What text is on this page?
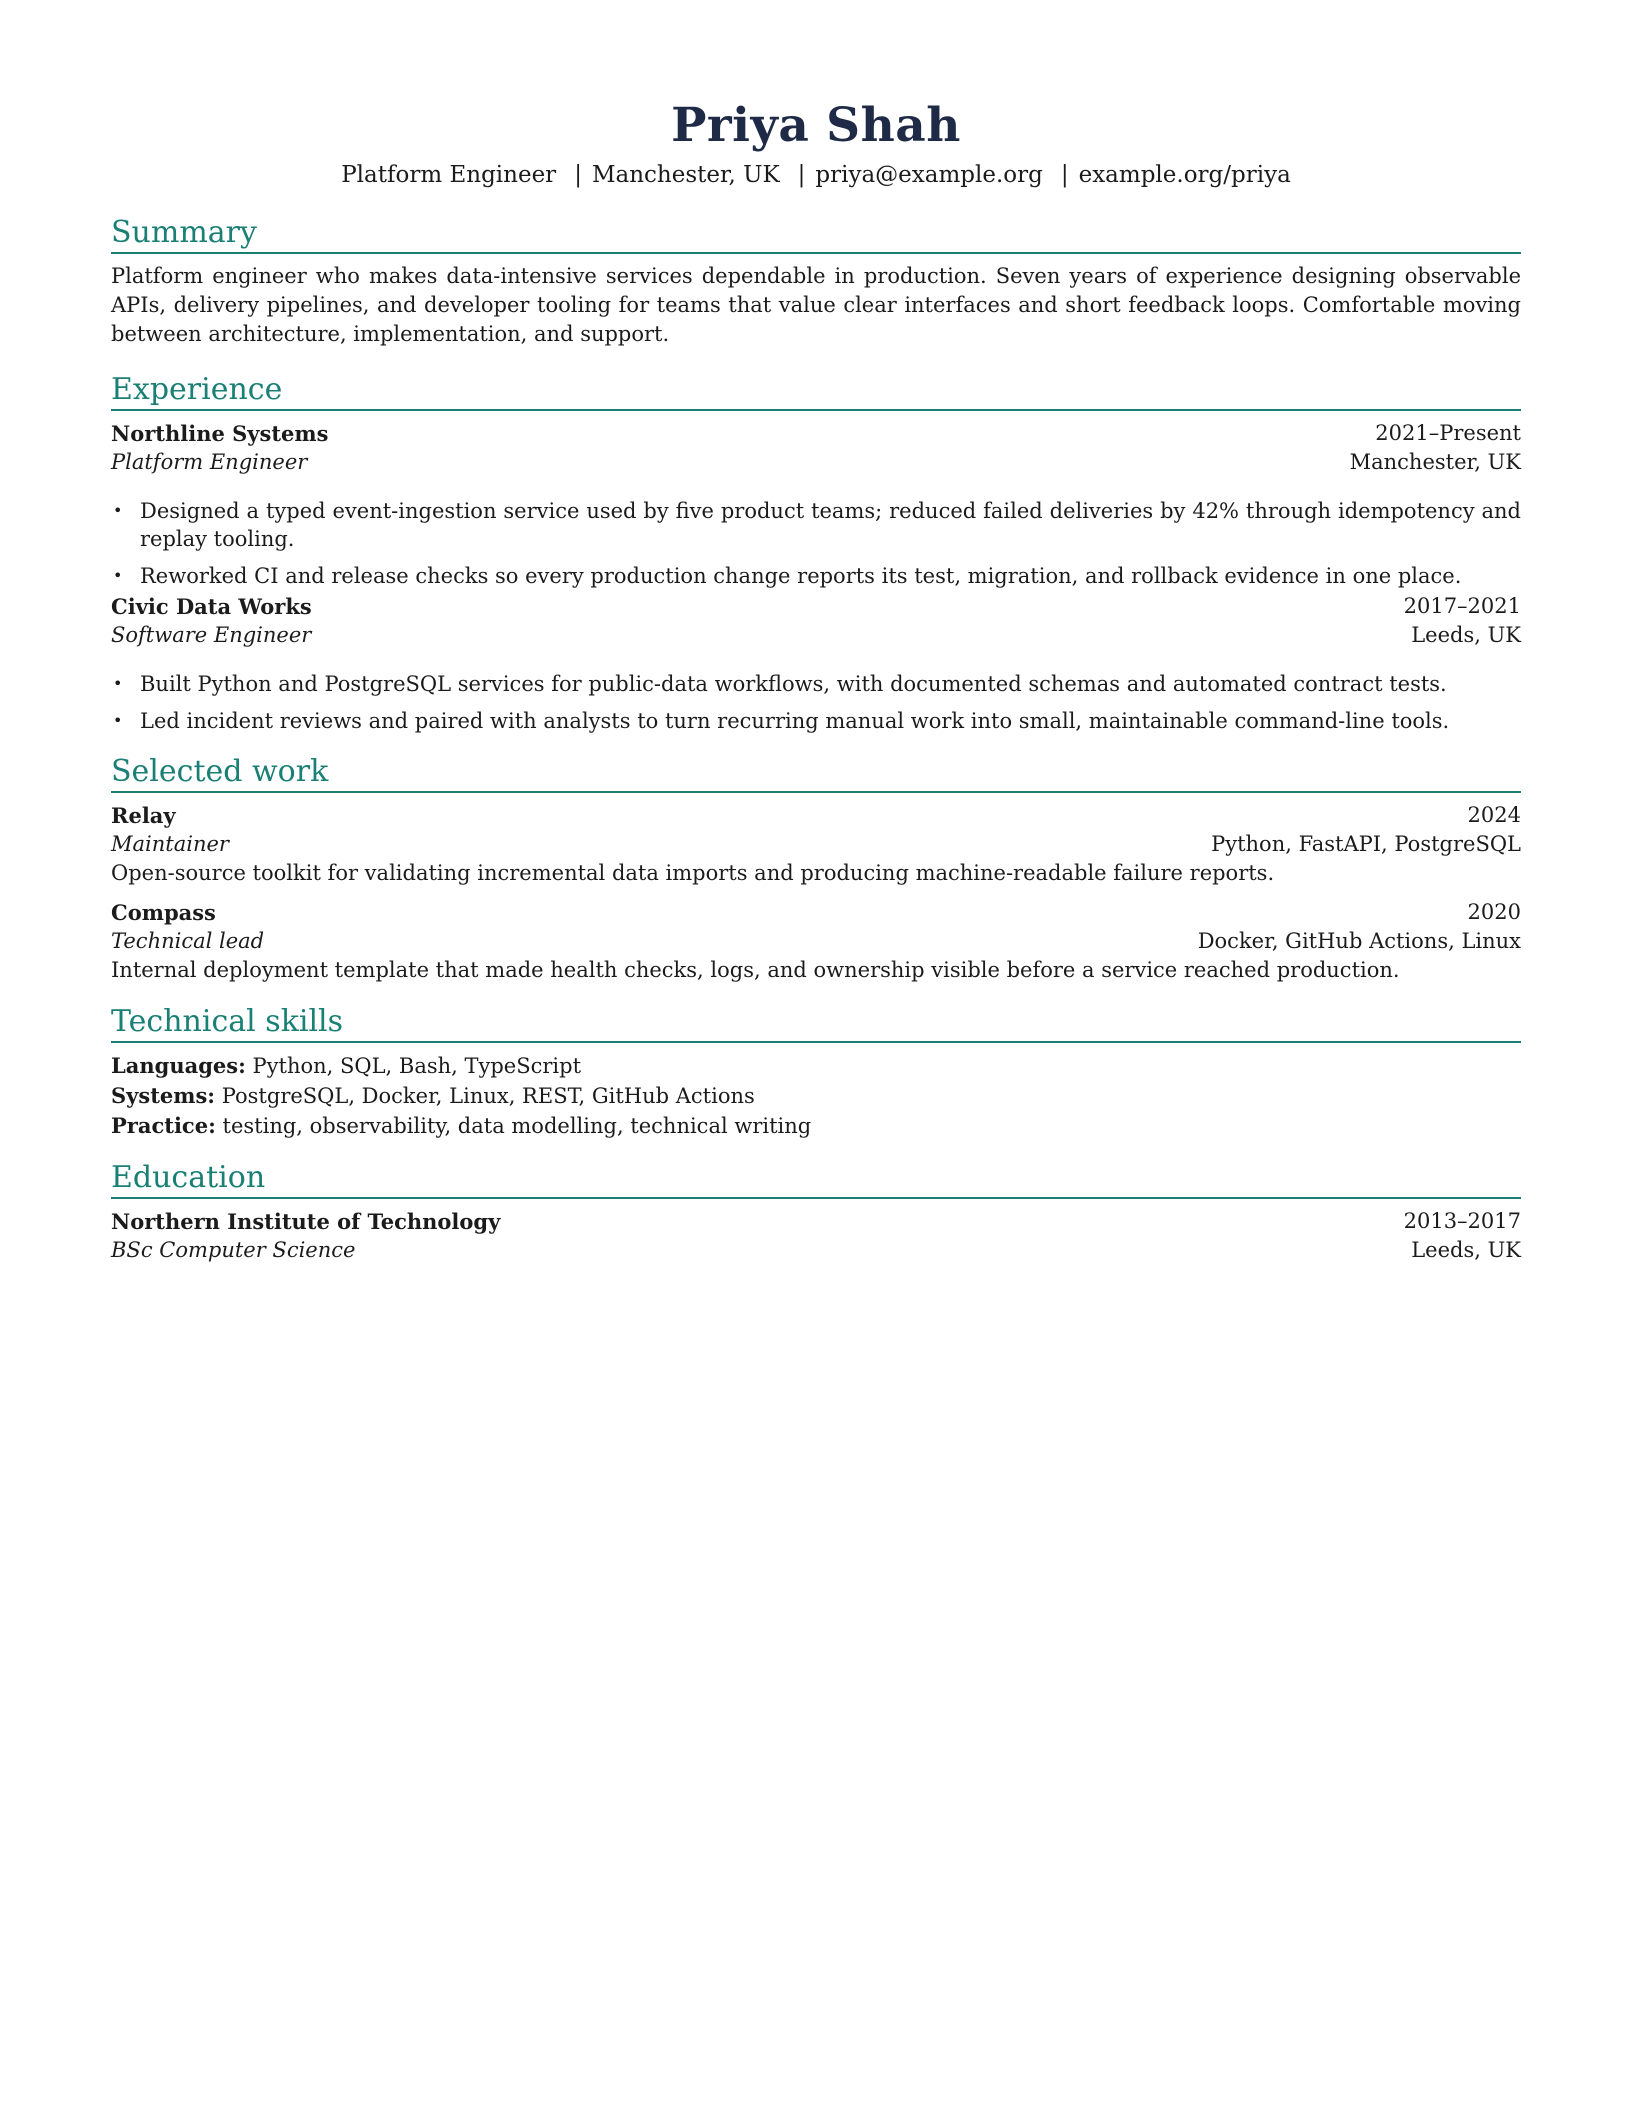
Priya Shah
Platform Engineer | Manchester, UK | priya@example.org | example.org/priya
Summary
Platform engineer who makes data-intensive services dependable in production. Seven years of experience designing observable APIs, delivery pipelines, and developer tooling for teams that value clear interfaces and short feedback loops. Comfortable moving between architecture, implementation, and support.
Experience
Northline Systems	2021–Present
Platform Engineer	Manchester, UK
• Designed a typed event-ingestion service used by five product teams; reduced failed deliveries by 42% through idempotency and replay tooling.
• Reworked CI and release checks so every production change reports its test, migration, and rollback evidence in one place.
Civic Data Works	2017–2021
Software Engineer	Leeds, UK
• Built Python and PostgreSQL services for public-data workflows, with documented schemas and automated contract tests.
• Led incident reviews and paired with analysts to turn recurring manual work into small, maintainable command-line tools.
Selected work
Relay	2024
Maintainer	Python, FastAPI, PostgreSQL
Open-source toolkit for validating incremental data imports and producing machine-readable failure reports.
Compass	2020
Technical lead	Docker, GitHub Actions, Linux
Internal deployment template that made health checks, logs, and ownership visible before a service reached production.
Technical skills
Languages: Python, SQL, Bash, TypeScript
Systems: PostgreSQL, Docker, Linux, REST, GitHub Actions
Practice: testing, observability, data modelling, technical writing
Education
Northern Institute of Technology	2013–2017
BSc Computer Science	Leeds, UK
